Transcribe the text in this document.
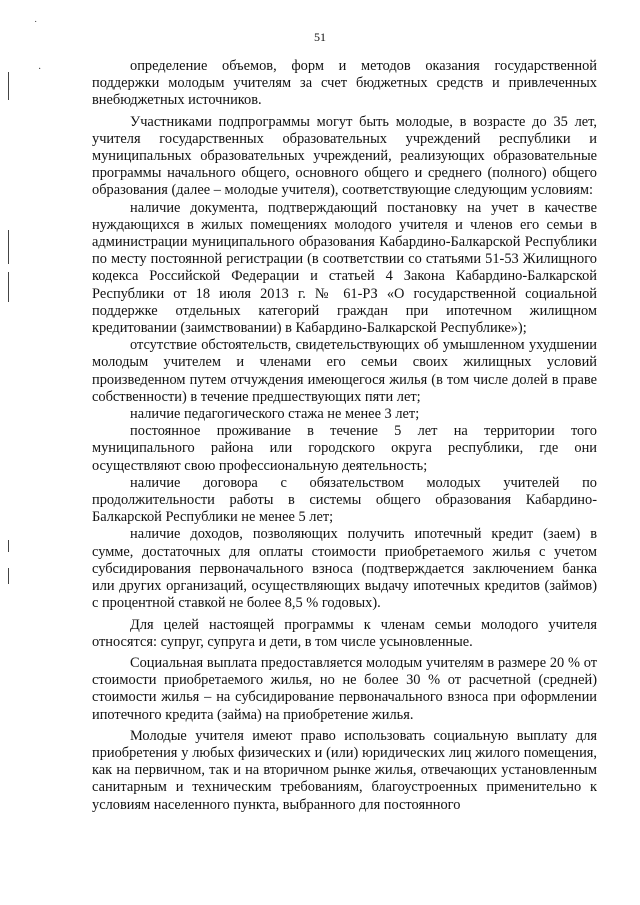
51
˙
·	определение объемов, форм и методов оказания государственной поддержки молодым учителям за счет бюджетных средств и привлеченных внебюджетных источников.

Участниками подпрограммы могут быть молодые, в возрасте до 35 лет, учителя государственных образовательных учреждений республики и муниципальных образовательных учреждений, реализующих образовательные программы начального общего, основного общего и среднего (полного) общего образования (далее – молодые учителя), соответствующие следующим условиям:

наличие документа, подтверждающий постановку на учет в качестве нуждающихся в жилых помещениях молодого учителя и членов его семьи в администрации муниципального образования Кабардино-Балкарской Республики по месту постоянной регистрации (в соответствии со статьями 51-53 Жилищного кодекса Российской Федерации и статьей 4 Закона Кабардино-Балкарской Республики от 18 июля 2013 г. № 61-РЗ «О государственной социальной поддержке отдельных категорий граждан при ипотечном жилищном кредитовании (заимствовании) в Кабардино-Балкарской Республике»);

отсутствие обстоятельств, свидетельствующих об умышленном ухудшении молодым учителем и членами его семьи своих жилищных условий произведенном путем отчуждения имеющегося жилья (в том числе долей в праве собственности) в течение предшествующих пяти лет;

наличие педагогического стажа не менее 3 лет;

постоянное проживание в течение 5 лет на территории того муниципального района или городского округа республики, где они осуществляют свою профессиональную деятельность;

наличие договора с обязательством молодых учителей по продолжительности работы в системы общего образования Кабардино-Балкарской Республики не менее 5 лет;

наличие доходов, позволяющих получить ипотечный кредит (заем) в сумме, достаточных для оплаты стоимости приобретаемого жилья с учетом субсидирования первоначального взноса (подтверждается заключением банка или других организаций, осуществляющих выдачу ипотечных кредитов (займов) с процентной ставкой не более 8,5 % годовых).

Для целей настоящей программы к членам семьи молодого учителя относятся: супруг, супруга и дети, в том числе усыновленные.

Социальная выплата предоставляется молодым учителям в размере 20 % от стоимости приобретаемого жилья, но не более 30 % от расчетной (средней) стоимости жилья – на субсидирование первоначального взноса при оформлении ипотечного кредита (займа) на приобретение жилья.

Молодые учителя имеют право использовать социальную выплату для приобретения у любых физических и (или) юридических лиц жилого помещения, как на первичном, так и на вторичном рынке жилья, отвечающих установленным санитарным и техническим требованиям, благоустроенных применительно к условиям населенного пункта, выбранного для постоянного
